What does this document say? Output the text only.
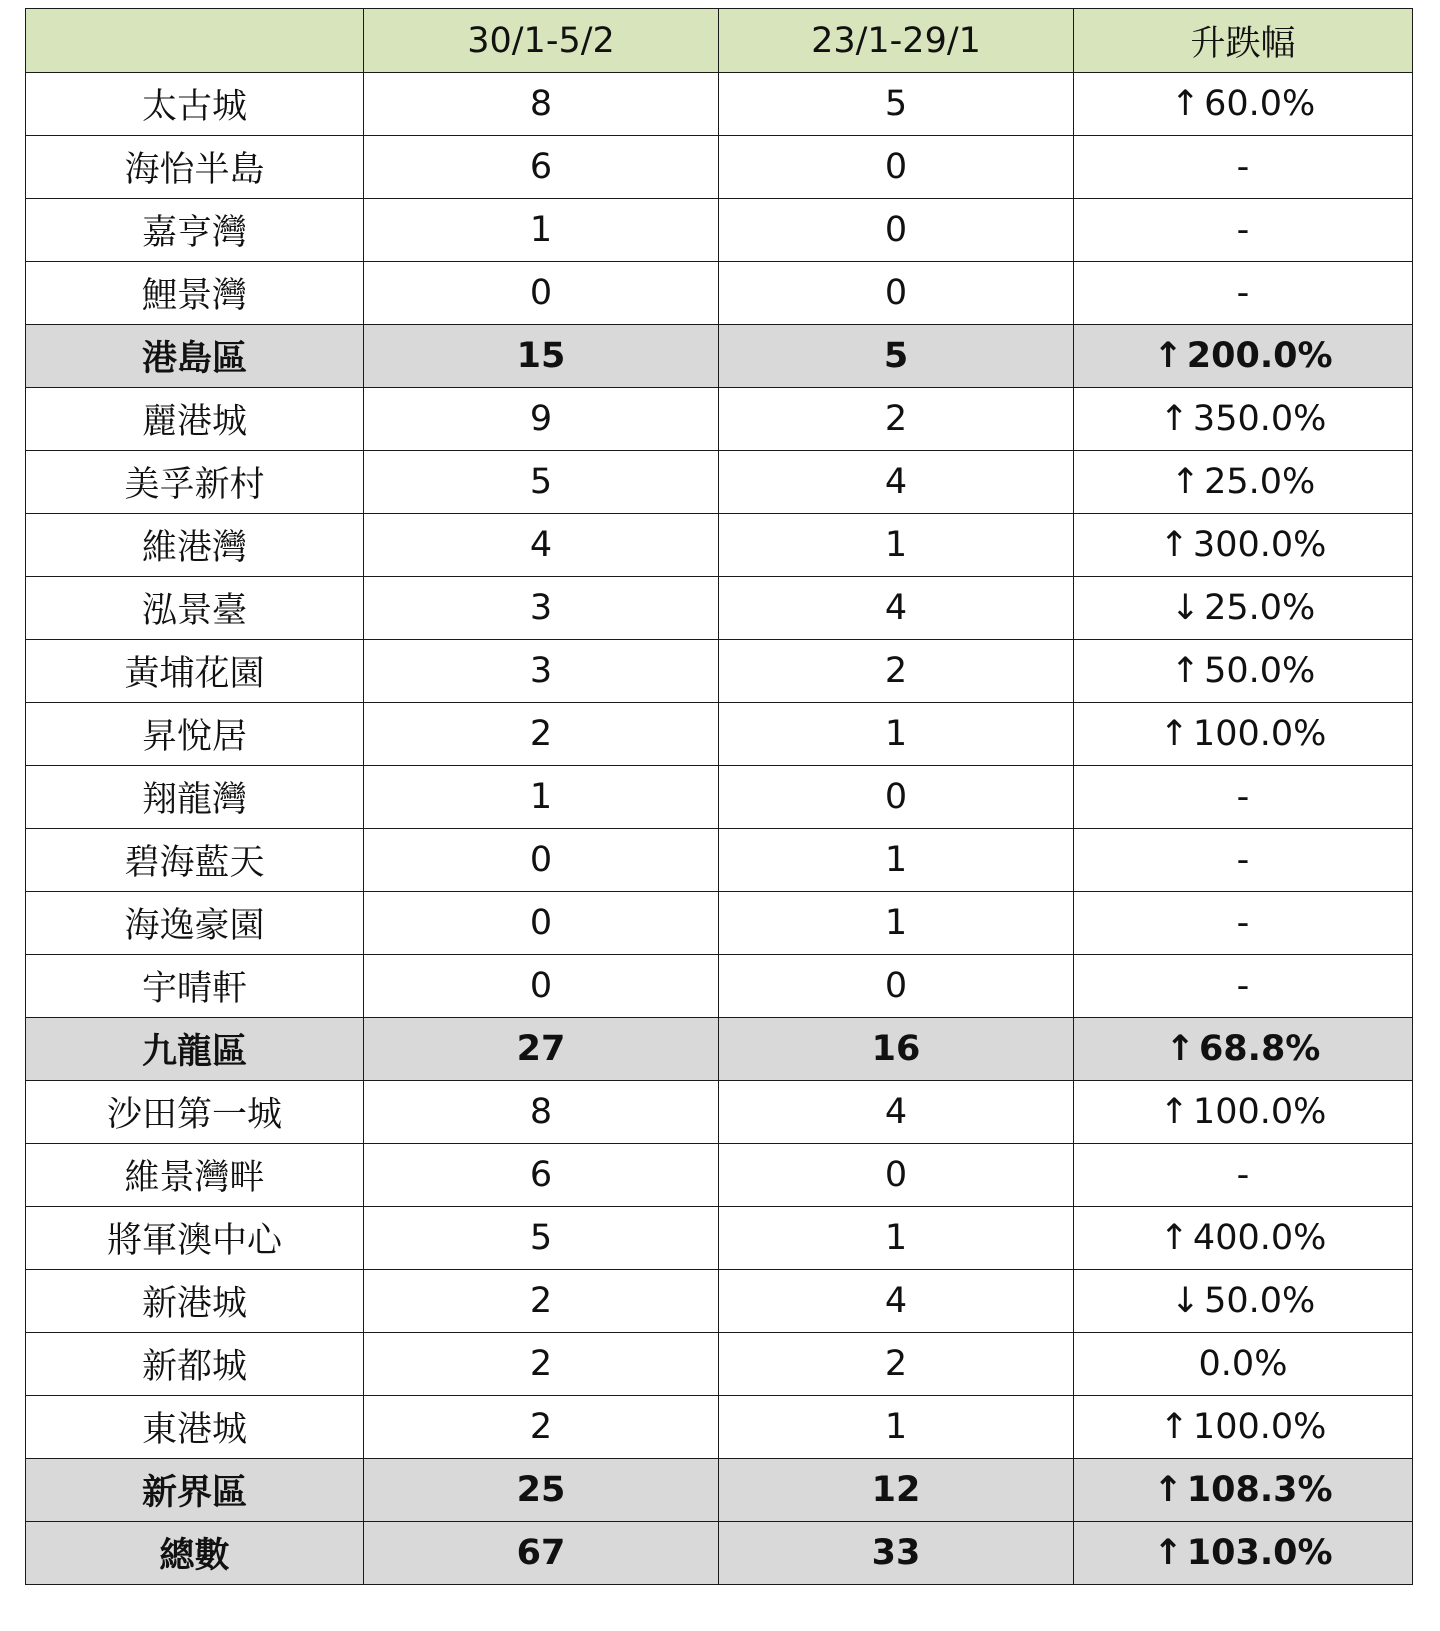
	30/1-5/2	23/1-29/1	升跌幅
太古城	8	5	↑ 60.0%
海怡半島	6	0	-
嘉亨灣	1	0	-
鯉景灣	0	0	-
港島區	15	5	↑ 200.0%
麗港城	9	2	↑ 350.0%
美孚新村	5	4	↑ 25.0%
維港灣	4	1	↑ 300.0%
泓景臺	3	4	↓ 25.0%
黃埔花園	3	2	↑ 50.0%
昇悅居	2	1	↑ 100.0%
翔龍灣	1	0	-
碧海藍天	0	1	-
海逸豪園	0	1	-
宇晴軒	0	0	-
九龍區	27	16	↑ 68.8%
沙田第一城	8	4	↑ 100.0%
維景灣畔	6	0	-
將軍澳中心	5	1	↑ 400.0%
新港城	2	4	↓ 50.0%
新都城	2	2	0.0%
東港城	2	1	↑ 100.0%
新界區	25	12	↑ 108.3%
總數	67	33	↑ 103.0%
